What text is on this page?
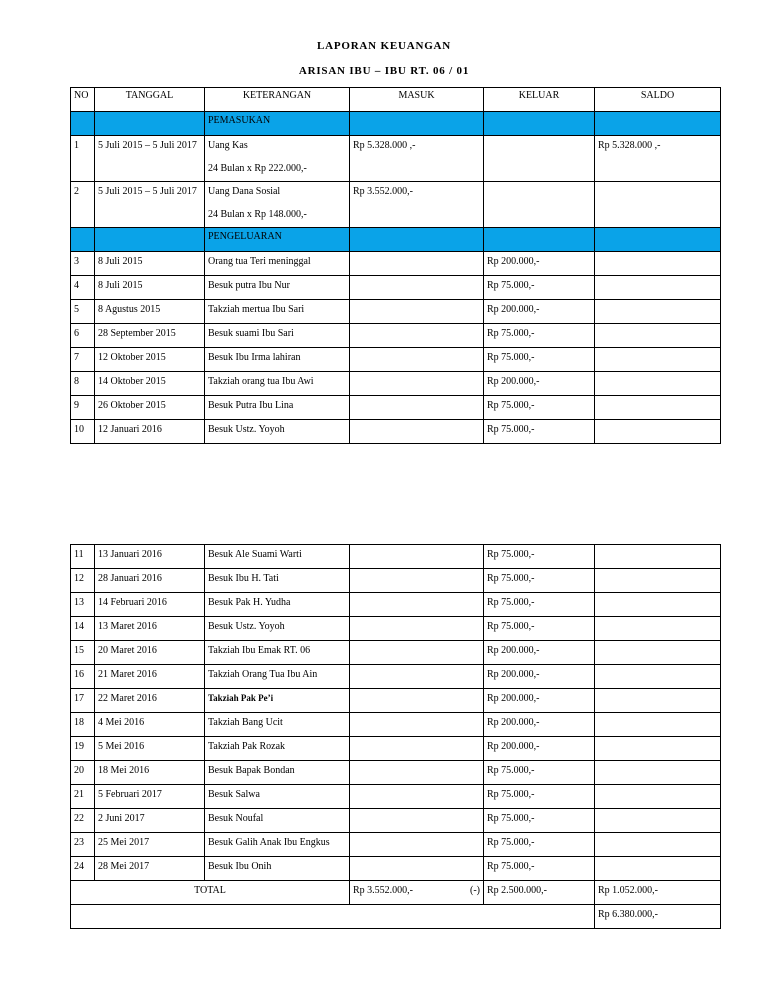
LAPORAN KEUANGAN
ARISAN IBU – IBU RT. 06 / 01
NO	TANGGAL	KETERANGAN	MASUK	KELUAR	SALDO
		PEMASUKAN			
1	5 Juli 2015 – 5 Juli 2017	Uang Kas
24 Bulan x Rp 222.000,-	Rp 5.328.000 ,-		Rp 5.328.000 ,-
2	5 Juli 2015 – 5 Juli 2017	Uang Dana Sosial
24 Bulan x Rp 148.000,-	Rp 3.552.000,-		
		PENGELUARAN			
3	8 Juli 2015	Orang tua Teri meninggal		Rp 200.000,-	
4	8 Juli 2015	Besuk putra Ibu Nur		Rp 75.000,-	
5	8 Agustus 2015	Takziah mertua Ibu Sari		Rp 200.000,-	
6	28 September 2015	Besuk suami Ibu Sari		Rp 75.000,-	
7	12 Oktober 2015	Besuk Ibu Irma lahiran		Rp 75.000,-	
8	14 Oktober 2015	Takziah orang tua Ibu Awi		Rp 200.000,-	
9	26 Oktober 2015	Besuk Putra Ibu Lina		Rp 75.000,-	
10	12 Januari 2016	Besuk Ustz. Yoyoh		Rp 75.000,-	
11	13 Januari 2016	Besuk Ale Suami Warti		Rp 75.000,-	
12	28 Januari 2016	Besuk Ibu H. Tati		Rp 75.000,-	
13	14 Februari 2016	Besuk Pak H. Yudha		Rp 75.000,-	
14	13 Maret 2016	Besuk Ustz. Yoyoh		Rp 75.000,-	
15	20 Maret 2016	Takziah Ibu Emak RT. 06		Rp 200.000,-	
16	21 Maret 2016	Takziah Orang Tua Ibu Ain		Rp 200.000,-	
17	22 Maret 2016	Takziah Pak Pe’i		Rp 200.000,-	
18	4 Mei 2016	Takziah Bang Ucit		Rp 200.000,-	
19	5 Mei 2016	Takziah Pak Rozak		Rp 200.000,-	
20	18 Mei 2016	Besuk Bapak Bondan		Rp 75.000,-	
21	5 Februari 2017	Besuk Salwa		Rp 75.000,-	
22	2 Juni 2017	Besuk Noufal		Rp 75.000,-	
23	25 Mei 2017	Besuk Galih Anak Ibu Engkus		Rp 75.000,-	
24	28 Mei 2017	Besuk Ibu Onih		Rp 75.000,-	
TOTAL			Rp 3.552.000,- (-)	Rp 2.500.000,-	Rp 1.052.000,-
					Rp 6.380.000,-
